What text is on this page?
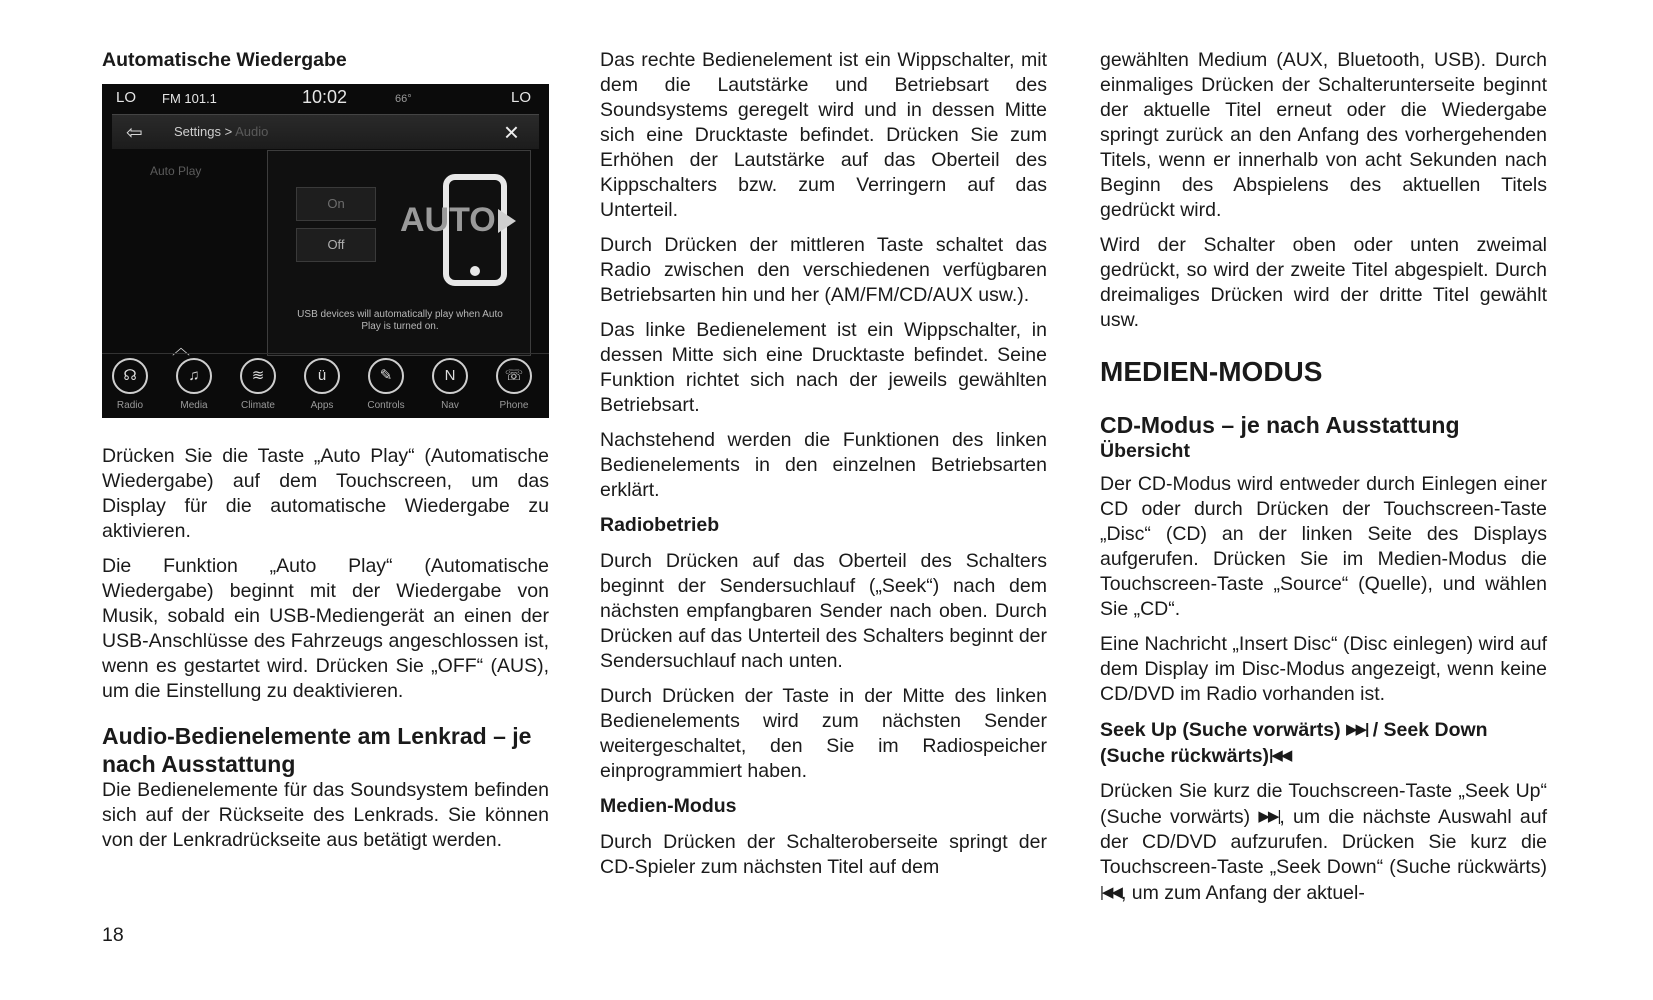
Automatische Wiedergabe
LO FM 101.1	10:02	66°	LO
⇦ Settings > Audio	×
Auto Play
On
Off
AUTO
USB devices will automatically play when Auto Play is turned on.
︿
☊
Radio
♫
Media
≋
Climate
ü
Apps
✎
Controls
N
Nav
☏
Phone

Drücken Sie die Taste „Auto Play“ (Automatische Wiedergabe) auf dem Touchscreen, um das Display für die automatische Wiedergabe zu aktivieren.

Die Funktion „Auto Play“ (Automatische Wiedergabe) beginnt mit der Wiedergabe von Musik, sobald ein USB-Mediengerät an einen der USB-Anschlüsse des Fahrzeugs angeschlossen ist, wenn es gestartet wird. Drücken Sie „OFF“ (AUS), um die Einstellung zu deaktivieren.

Audio-Bedienelemente am Lenkrad – je nach Ausstattung

Die Bedienelemente für das Soundsystem befinden sich auf der Rückseite des Lenkrads. Sie können von der Lenkradrückseite aus betätigt werden.

Das rechte Bedienelement ist ein Wippschalter, mit dem die Lautstärke und Betriebsart des Soundsystems geregelt wird und in dessen Mitte sich eine Drucktaste befindet. Drücken Sie zum Erhöhen der Lautstärke auf das Oberteil des Kippschalters bzw. zum Verringern auf das Unterteil.

Durch Drücken der mittleren Taste schaltet das Radio zwischen den verschiedenen verfügbaren Betriebsarten hin und her (AM/FM/CD/AUX usw.).

Das linke Bedienelement ist ein Wippschalter, in dessen Mitte sich eine Drucktaste befindet. Seine Funktion richtet sich nach der jeweils gewählten Betriebsart.

Nachstehend werden die Funktionen des linken Bedienelements in den einzelnen Betriebsarten erklärt.

Radiobetrieb

Durch Drücken auf das Oberteil des Schalters beginnt der Sendersuchlauf („Seek“) nach dem nächsten empfangbaren Sender nach oben. Durch Drücken auf das Unterteil des Schalters beginnt der Sendersuchlauf nach unten.

Durch Drücken der Taste in der Mitte des linken Bedienelements wird zum nächsten Sender weitergeschaltet, den Sie im Radiospeicher einprogrammiert haben.

Medien-Modus

Durch Drücken der Schalteroberseite springt der CD-Spieler zum nächsten Titel auf dem

gewählten Medium (AUX, Bluetooth, USB). Durch einmaliges Drücken der Schalterunterseite beginnt der aktuelle Titel erneut oder die Wiedergabe springt zurück an den Anfang des vorhergehenden Titels, wenn er innerhalb von acht Sekunden nach Beginn des Abspielens des aktuellen Titels gedrückt wird.

Wird der Schalter oben oder unten zweimal gedrückt, so wird der zweite Titel abgespielt. Durch dreimaliges Drücken wird der dritte Titel gewählt usw.

MEDIEN-MODUS
CD-Modus – je nach Ausstattung
Übersicht

Der CD-Modus wird entweder durch Einlegen einer CD oder durch Drücken der Touchscreen-Taste „Disc“ (CD) an der linken Seite des Displays aufgerufen. Drücken Sie im Medien-Modus die Touchscreen-Taste „Source“ (Quelle), und wählen Sie „CD“.

Eine Nachricht „Insert Disc“ (Disc einlegen) wird auf dem Display im Disc-Modus angezeigt, wenn keine CD/DVD im Radio vorhanden ist.

Seek Up (Suche vorwärts) ▶▶| / Seek Down (Suche rückwärts)|◀◀

Drücken Sie kurz die Touchscreen-Taste „Seek Up“ (Suche vorwärts) ▶▶|, um die nächste Auswahl auf der CD/DVD aufzurufen. Drücken Sie kurz die Touchscreen-Taste „Seek Down“ (Suche rückwärts) |◀◀, um zum Anfang der aktuel-

18
